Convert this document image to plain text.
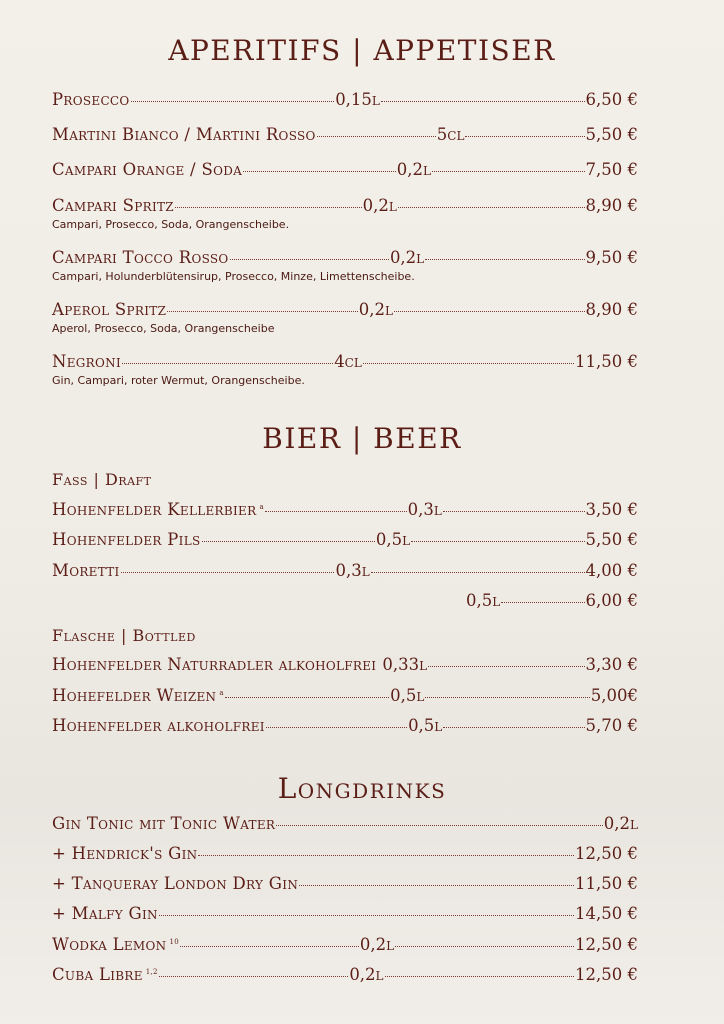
APERITIFS | APPETISER
Prosecco	0,15l	6,50 €
Martini Bianco / Martini Rosso	5cl	5,50 €
Campari Orange / Soda	0,2l	7,50 €
Campari Spritz	0,2l	8,90 €
Campari, Prosecco, Soda, Orangenscheibe.
Campari Tocco Rosso	0,2l	9,50 €
Campari, Holunderblütensirup, Prosecco, Minze, Limettenscheibe.
Aperol Spritz	0,2l	8,90 €
Aperol, Prosecco, Soda, Orangenscheibe
Negroni	4cl	11,50 €
Gin, Campari, roter Wermut, Orangenscheibe.
BIER | BEER
Fass | Draft
Hohenfelder Kellerbier $^a$	0,3l	3,50 €
Hohenfelder Pils	0,5l	5,50 €
Moretti	0,3l	4,00 €
0,5l	6,00 €
Flasche | Bottled
Hohenfelder Naturradler alkoholfrei 0,33l	3,30 €
Hohefelder Weizen $^a$	0,5l	5,00€
Hohenfelder alkoholfrei	0,5l	5,70 €
Longdrinks
Gin Tonic mit Tonic Water	0,2l
+ Hendrick's Gin	12,50 €
+ Tanqueray London Dry Gin	11,50 €
+ Malfy Gin	14,50 €
Wodka Lemon $^{10}$	0,2l	12,50 €
Cuba Libre $^{1,2}$	0,2l	12,50 €
